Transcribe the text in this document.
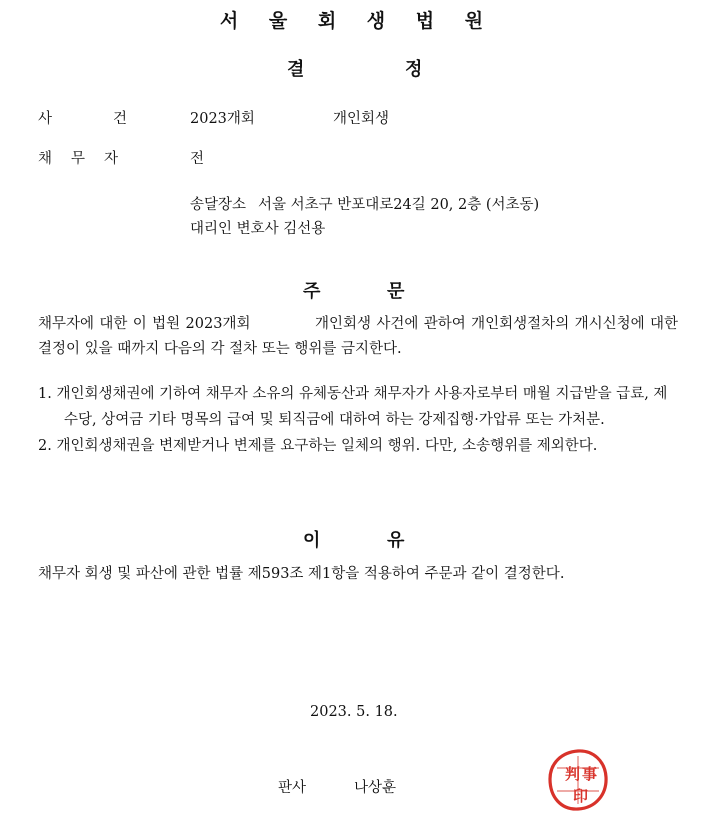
서 울 회 생 법 원
결	정
사	건	2023개회	개인회생
채무자	전
송달장소 서울 서초구 반포대로24길 20, 2층 (서초동)
대리인 변호사 김선용
주	문
채무자에 대한 이 법원 2023개회            개인회생 사건에 관하여 개인회생절차의 개시신청에 대한 결정이 있을 때까지 다음의 각 절차 또는 행위를 금지한다.
1. 개인회생채권에 기하여 채무자 소유의 유체동산과 채무자가 사용자로부터 매월 지급받을 급료, 제수당, 상여금 기타 명목의 급여 및 퇴직금에 대하여 하는 강제집행·가압류 또는 가처분.
2. 개인회생채권을 변제받거나 변제를 요구하는 일체의 행위. 다만, 소송행위를 제외한다.
이	유
채무자 회생 및 파산에 관한 법률 제593조 제1항을 적용하여 주문과 같이 결정한다.
2023. 5. 18.
판사	나상훈
判 事
印
